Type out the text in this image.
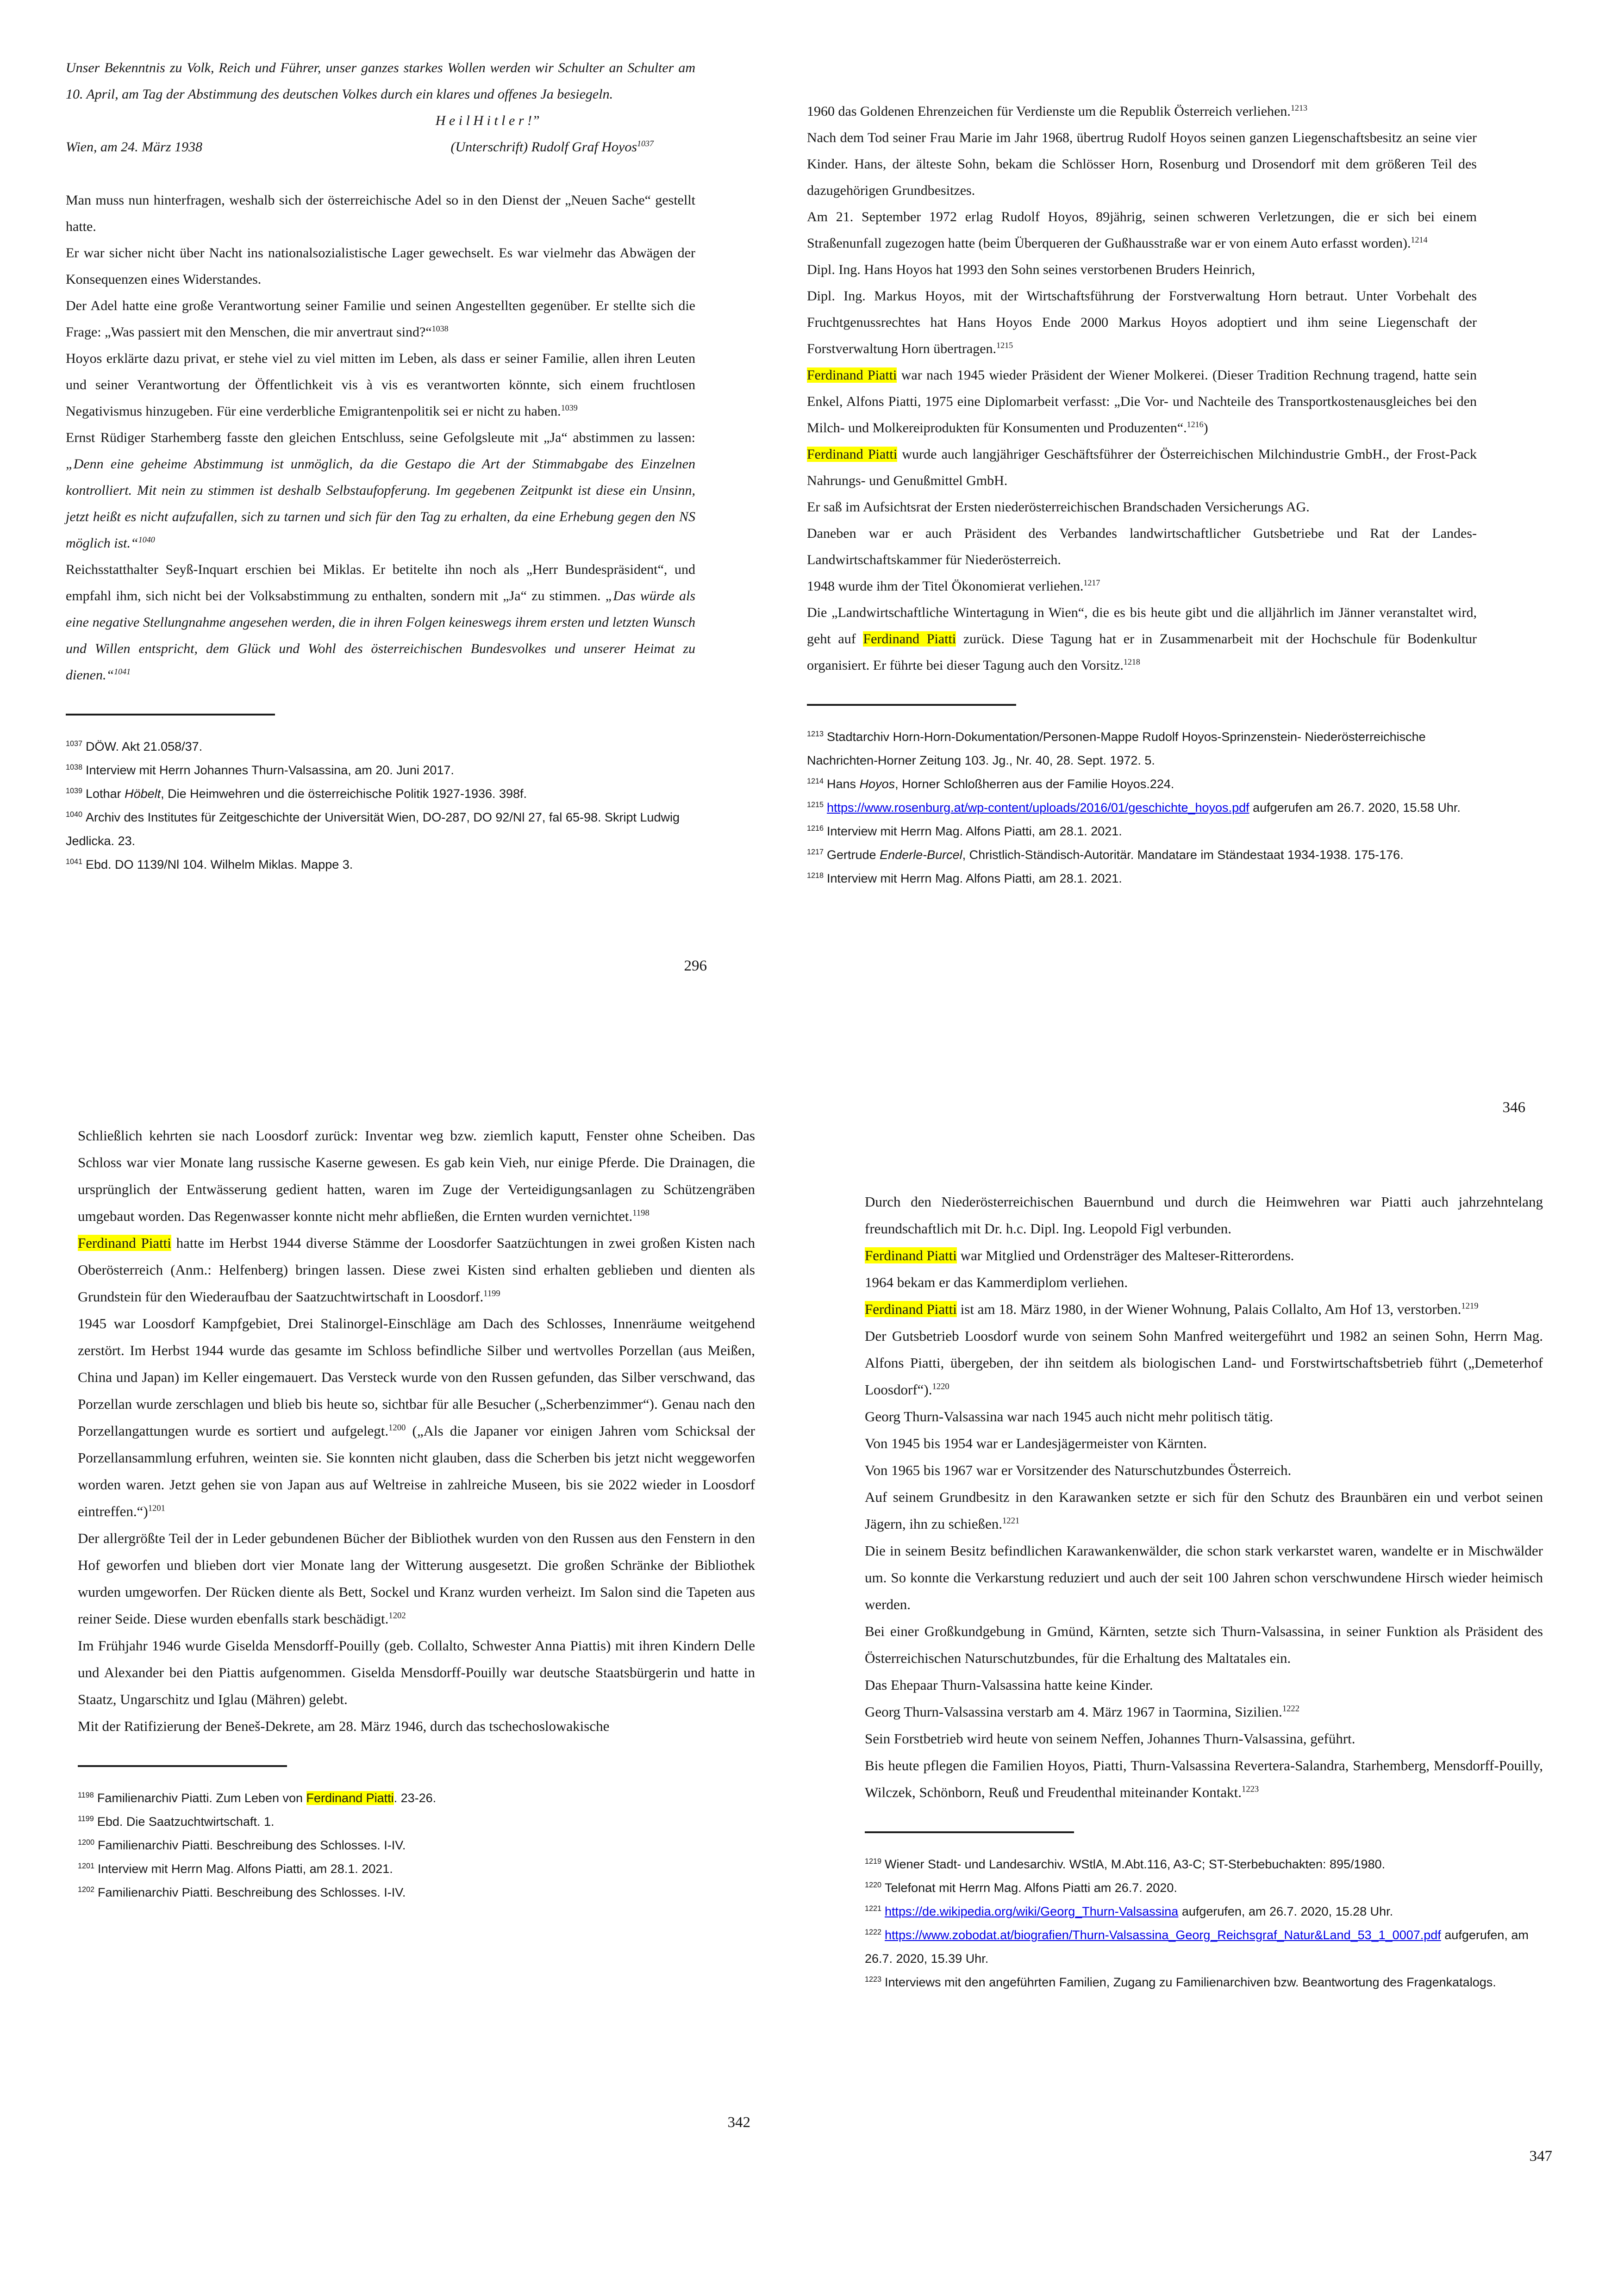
Unser Bekenntnis zu Volk, Reich und Führer, unser ganzes starkes Wollen werden wir Schulter an Schulter am 10. April, am Tag der Abstimmung des deutschen Volkes durch ein klares und offenes Ja besiegeln.

H e i l H i t l e r !”

Wien, am 24. März 1938	(Unterschrift) Rudolf Graf Hoyos$^{1037}$

Man muss nun hinterfragen, weshalb sich der österreichische Adel so in den Dienst der „Neuen Sache“ gestellt hatte.

Er war sicher nicht über Nacht ins nationalsozialistische Lager gewechselt. Es war vielmehr das Abwägen der Konsequenzen eines Widerstandes.

Der Adel hatte eine große Verantwortung seiner Familie und seinen Angestellten gegenüber. Er stellte sich die Frage: „Was passiert mit den Menschen, die mir anvertraut sind?“$^{1038}$

Hoyos erklärte dazu privat, er stehe viel zu viel mitten im Leben, als dass er seiner Familie, allen ihren Leuten und seiner Verantwortung der Öffentlichkeit vis à vis es verantworten könnte, sich einem fruchtlosen Negativismus hinzugeben. Für eine verderbliche Emigrantenpolitik sei er nicht zu haben.$^{1039}$

Ernst Rüdiger Starhemberg fasste den gleichen Entschluss, seine Gefolgsleute mit „Ja“ abstimmen zu lassen: „Denn eine geheime Abstimmung ist unmöglich, da die Gestapo die Art der Stimmabgabe des Einzelnen kontrolliert. Mit nein zu stimmen ist deshalb Selbstaufopferung. Im gegebenen Zeitpunkt ist diese ein Unsinn, jetzt heißt es nicht aufzufallen, sich zu tarnen und sich für den Tag zu erhalten, da eine Erhebung gegen den NS möglich ist.“$^{1040}$

Reichsstatthalter Seyß-Inquart erschien bei Miklas. Er betitelte ihn noch als „Herr Bundespräsident“, und empfahl ihm, sich nicht bei der Volksabstimmung zu enthalten, sondern mit „Ja“ zu stimmen. „Das würde als eine negative Stellungnahme angesehen werden, die in ihren Folgen keineswegs ihrem ersten und letzten Wunsch und Willen entspricht, dem Glück und Wohl des österreichischen Bundesvolkes und unserer Heimat zu dienen.“$^{1041}$

$^{1037}$ DÖW. Akt 21.058/37.

$^{1038}$ Interview mit Herrn Johannes Thurn-Valsassina, am 20. Juni 2017.

$^{1039}$ Lothar Höbelt, Die Heimwehren und die österreichische Politik 1927-1936. 398f.

$^{1040}$ Archiv des Institutes für Zeitgeschichte der Universität Wien, DO-287, DO 92/Nl 27, fal 65-98. Skript Ludwig Jedlicka. 23.

$^{1041}$ Ebd. DO 1139/Nl 104. Wilhelm Miklas. Mappe 3.

296

1960 das Goldenen Ehrenzeichen für Verdienste um die Republik Österreich verliehen.$^{1213}$

Nach dem Tod seiner Frau Marie im Jahr 1968, übertrug Rudolf Hoyos seinen ganzen Liegenschaftsbesitz an seine vier Kinder. Hans, der älteste Sohn, bekam die Schlösser Horn, Rosenburg und Drosendorf mit dem größeren Teil des dazugehörigen Grundbesitzes.

Am 21. September 1972 erlag Rudolf Hoyos, 89jährig, seinen schweren Verletzungen, die er sich bei einem Straßenunfall zugezogen hatte (beim Überqueren der Gußhausstraße war er von einem Auto erfasst worden).$^{1214}$

Dipl. Ing. Hans Hoyos hat 1993 den Sohn seines verstorbenen Bruders Heinrich,

Dipl. Ing. Markus Hoyos, mit der Wirtschaftsführung der Forstverwaltung Horn betraut. Unter Vorbehalt des Fruchtgenussrechtes hat Hans Hoyos Ende 2000 Markus Hoyos adoptiert und ihm seine Liegenschaft der Forstverwaltung Horn übertragen.$^{1215}$

Ferdinand Piatti war nach 1945 wieder Präsident der Wiener Molkerei. (Dieser Tradition Rechnung tragend, hatte sein Enkel, Alfons Piatti, 1975 eine Diplomarbeit verfasst: „Die Vor- und Nachteile des Transportkostenausgleiches bei den Milch- und Molkereiprodukten für Konsumenten und Produzenten“.$^{1216}$)

Ferdinand Piatti wurde auch langjähriger Geschäftsführer der Österreichischen Milchindustrie GmbH., der Frost-Pack Nahrungs- und Genußmittel GmbH.

Er saß im Aufsichtsrat der Ersten niederösterreichischen Brandschaden Versicherungs AG.

Daneben war er auch Präsident des Verbandes landwirtschaftlicher Gutsbetriebe und Rat der Landes-Landwirtschaftskammer für Niederösterreich.

1948 wurde ihm der Titel Ökonomierat verliehen.$^{1217}$

Die „Landwirtschaftliche Wintertagung in Wien“, die es bis heute gibt und die alljährlich im Jänner veranstaltet wird, geht auf Ferdinand Piatti zurück. Diese Tagung hat er in Zusammenarbeit mit der Hochschule für Bodenkultur organisiert. Er führte bei dieser Tagung auch den Vorsitz.$^{1218}$

$^{1213}$ Stadtarchiv Horn-Horn-Dokumentation/Personen-Mappe Rudolf Hoyos-Sprinzenstein- Niederösterreichische Nachrichten-Horner Zeitung 103. Jg., Nr. 40, 28. Sept. 1972. 5.

$^{1214}$ Hans Hoyos, Horner Schloßherren aus der Familie Hoyos.224.

$^{1215}$ https://www.rosenburg.at/wp-content/uploads/2016/01/geschichte_hoyos.pdf aufgerufen am 26.7. 2020, 15.58 Uhr.

$^{1216}$ Interview mit Herrn Mag. Alfons Piatti, am 28.1. 2021.

$^{1217}$ Gertrude Enderle-Burcel, Christlich-Ständisch-Autoritär. Mandatare im Ständestaat 1934-1938. 175-176.

$^{1218}$ Interview mit Herrn Mag. Alfons Piatti, am 28.1. 2021.

346

Schließlich kehrten sie nach Loosdorf zurück: Inventar weg bzw. ziemlich kaputt, Fenster ohne Scheiben. Das Schloss war vier Monate lang russische Kaserne gewesen. Es gab kein Vieh, nur einige Pferde. Die Drainagen, die ursprünglich der Entwässerung gedient hatten, waren im Zuge der Verteidigungsanlagen zu Schützengräben umgebaut worden. Das Regenwasser konnte nicht mehr abfließen, die Ernten wurden vernichtet.$^{1198}$

Ferdinand Piatti hatte im Herbst 1944 diverse Stämme der Loosdorfer Saatzüchtungen in zwei großen Kisten nach Oberösterreich (Anm.: Helfenberg) bringen lassen. Diese zwei Kisten sind erhalten geblieben und dienten als Grundstein für den Wiederaufbau der Saatzuchtwirtschaft in Loosdorf.$^{1199}$

1945 war Loosdorf Kampfgebiet, Drei Stalinorgel-Einschläge am Dach des Schlosses, Innenräume weitgehend zerstört. Im Herbst 1944 wurde das gesamte im Schloss befindliche Silber und wertvolles Porzellan (aus Meißen, China und Japan) im Keller eingemauert. Das Versteck wurde von den Russen gefunden, das Silber verschwand, das Porzellan wurde zerschlagen und blieb bis heute so, sichtbar für alle Besucher („Scherbenzimmer“). Genau nach den Porzellangattungen wurde es sortiert und aufgelegt.$^{1200}$ („Als die Japaner vor einigen Jahren vom Schicksal der Porzellansammlung erfuhren, weinten sie. Sie konnten nicht glauben, dass die Scherben bis jetzt nicht weggeworfen worden waren. Jetzt gehen sie von Japan aus auf Weltreise in zahlreiche Museen, bis sie 2022 wieder in Loosdorf eintreffen.“)$^{1201}$

Der allergrößte Teil der in Leder gebundenen Bücher der Bibliothek wurden von den Russen aus den Fenstern in den Hof geworfen und blieben dort vier Monate lang der Witterung ausgesetzt. Die großen Schränke der Bibliothek wurden umgeworfen. Der Rücken diente als Bett, Sockel und Kranz wurden verheizt. Im Salon sind die Tapeten aus reiner Seide. Diese wurden ebenfalls stark beschädigt.$^{1202}$

Im Frühjahr 1946 wurde Giselda Mensdorff-Pouilly (geb. Collalto, Schwester Anna Piattis) mit ihren Kindern Delle und Alexander bei den Piattis aufgenommen. Giselda Mensdorff-Pouilly war deutsche Staatsbürgerin und hatte in Staatz, Ungarschitz und Iglau (Mähren) gelebt.

Mit der Ratifizierung der Beneš-Dekrete, am 28. März 1946, durch das tschechoslowakische

$^{1198}$ Familienarchiv Piatti. Zum Leben von Ferdinand Piatti. 23-26.

$^{1199}$ Ebd. Die Saatzuchtwirtschaft. 1.

$^{1200}$ Familienarchiv Piatti. Beschreibung des Schlosses. I-IV.

$^{1201}$ Interview mit Herrn Mag. Alfons Piatti, am 28.1. 2021.

$^{1202}$ Familienarchiv Piatti. Beschreibung des Schlosses. I-IV.

342

Durch den Niederösterreichischen Bauernbund und durch die Heimwehren war Piatti auch jahrzehntelang freundschaftlich mit Dr. h.c. Dipl. Ing. Leopold Figl verbunden.

Ferdinand Piatti war Mitglied und Ordensträger des Malteser-Ritterordens.

1964 bekam er das Kammerdiplom verliehen.

Ferdinand Piatti ist am 18. März 1980, in der Wiener Wohnung, Palais Collalto, Am Hof 13, verstorben.$^{1219}$

Der Gutsbetrieb Loosdorf wurde von seinem Sohn Manfred weitergeführt und 1982 an seinen Sohn, Herrn Mag. Alfons Piatti, übergeben, der ihn seitdem als biologischen Land- und Forstwirtschaftsbetrieb führt („Demeterhof Loosdorf“).$^{1220}$

Georg Thurn-Valsassina war nach 1945 auch nicht mehr politisch tätig.

Von 1945 bis 1954 war er Landesjägermeister von Kärnten.

Von 1965 bis 1967 war er Vorsitzender des Naturschutzbundes Österreich.

Auf seinem Grundbesitz in den Karawanken setzte er sich für den Schutz des Braunbären ein und verbot seinen Jägern, ihn zu schießen.$^{1221}$

Die in seinem Besitz befindlichen Karawankenwälder, die schon stark verkarstet waren, wandelte er in Mischwälder um. So konnte die Verkarstung reduziert und auch der seit 100 Jahren schon verschwundene Hirsch wieder heimisch werden.

Bei einer Großkundgebung in Gmünd, Kärnten, setzte sich Thurn-Valsassina, in seiner Funktion als Präsident des Österreichischen Naturschutzbundes, für die Erhaltung des Maltatales ein.

Das Ehepaar Thurn-Valsassina hatte keine Kinder.

Georg Thurn-Valsassina verstarb am 4. März 1967 in Taormina, Sizilien.$^{1222}$

Sein Forstbetrieb wird heute von seinem Neffen, Johannes Thurn-Valsassina, geführt.

Bis heute pflegen die Familien Hoyos, Piatti, Thurn-Valsassina Revertera-Salandra, Starhemberg, Mensdorff-Pouilly, Wilczek, Schönborn, Reuß und Freudenthal miteinander Kontakt.$^{1223}$

$^{1219}$ Wiener Stadt- und Landesarchiv. WStlA, M.Abt.116, A3-C; ST-Sterbebuchakten: 895/1980.

$^{1220}$ Telefonat mit Herrn Mag. Alfons Piatti am 26.7. 2020.

$^{1221}$ https://de.wikipedia.org/wiki/Georg_Thurn-Valsassina aufgerufen, am 26.7. 2020, 15.28 Uhr.

$^{1222}$ https://www.zobodat.at/biografien/Thurn-Valsassina_Georg_Reichsgraf_Natur&Land_53_1_0007.pdf aufgerufen, am 26.7. 2020, 15.39 Uhr.

$^{1223}$ Interviews mit den angeführten Familien, Zugang zu Familienarchiven bzw. Beantwortung des Fragenkatalogs.

347
